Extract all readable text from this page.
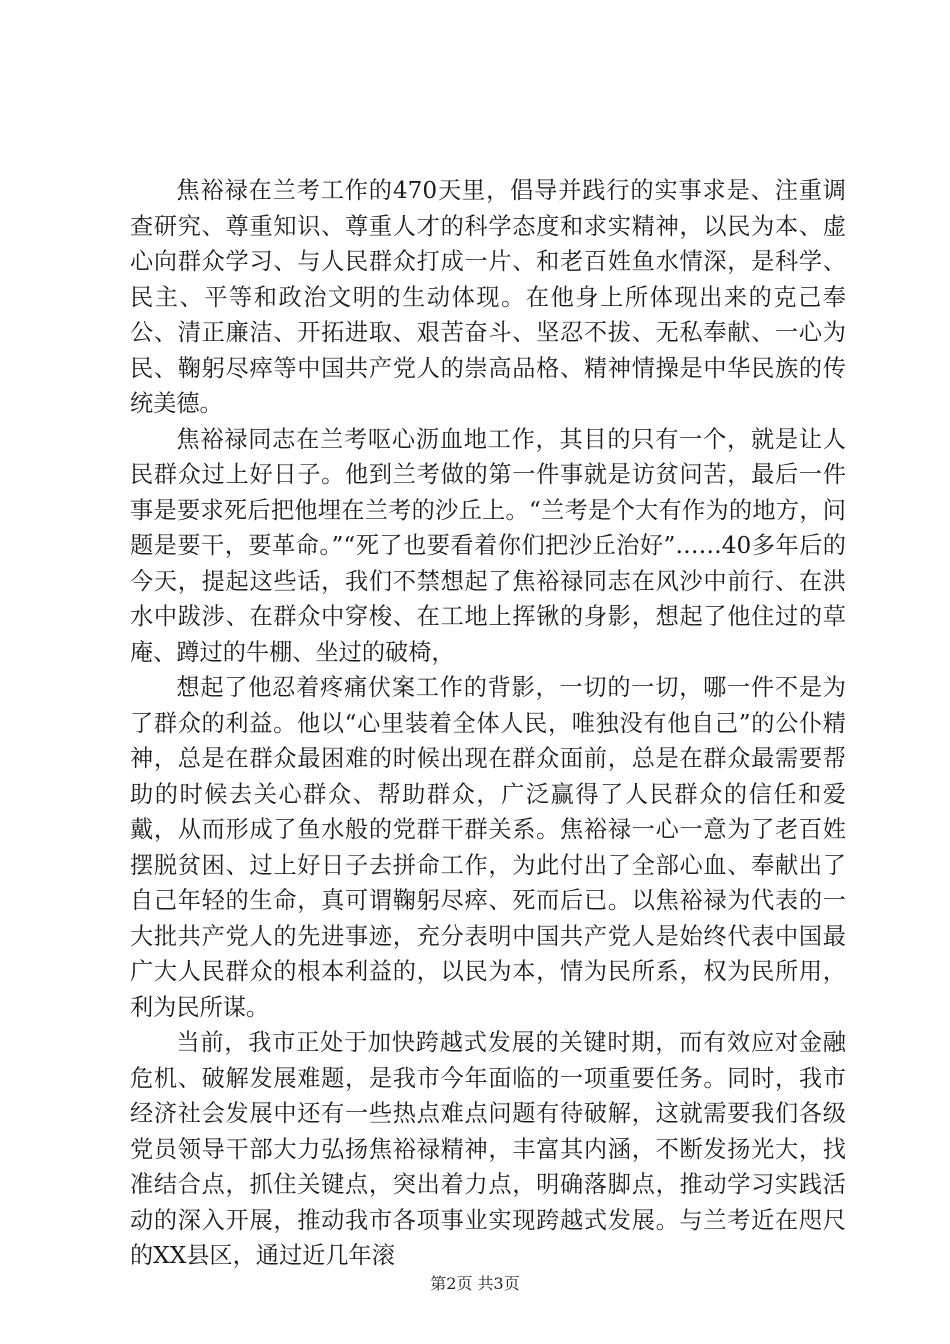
焦裕禄在兰考工作的470天里，倡导并践行的实事求是、注重调查研究、尊重知识、尊重人才的科学态度和求实精神，以民为本、虚心向群众学习、与人民群众打成一片、和老百姓鱼水情深，是科学、民主、平等和政治文明的生动体现。在他身上所体现出来的克己奉公、清正廉洁、开拓进取、艰苦奋斗、坚忍不拔、无私奉献、一心为民、鞠躬尽瘁等中国共产党人的崇高品格、精神情操是中华民族的传统美德。

焦裕禄同志在兰考呕心沥血地工作，其目的只有一个，就是让人民群众过上好日子。他到兰考做的第一件事就是访贫问苦，最后一件事是要求死后把他埋在兰考的沙丘上。“兰考是个大有作为的地方，问题是要干，要革命。”“死了也要看着你们把沙丘治好”……40多年后的今天，提起这些话，我们不禁想起了焦裕禄同志在风沙中前行、在洪水中跋涉、在群众中穿梭、在工地上挥锹的身影，想起了他住过的草庵、蹲过的牛棚、坐过的破椅，

想起了他忍着疼痛伏案工作的背影，一切的一切，哪一件不是为了群众的利益。他以“心里装着全体人民，唯独没有他自己”的公仆精神，总是在群众最困难的时候出现在群众面前，总是在群众最需要帮助的时候去关心群众、帮助群众，广泛赢得了人民群众的信任和爱戴，从而形成了鱼水般的党群干群关系。焦裕禄一心一意为了老百姓摆脱贫困、过上好日子去拼命工作，为此付出了全部心血、奉献出了自己年轻的生命，真可谓鞠躬尽瘁、死而后已。以焦裕禄为代表的一大批共产党人的先进事迹，充分表明中国共产党人是始终代表中国最广大人民群众的根本利益的，以民为本，情为民所系，权为民所用，利为民所谋。

当前，我市正处于加快跨越式发展的关键时期，而有效应对金融危机、破解发展难题，是我市今年面临的一项重要任务。同时，我市经济社会发展中还有一些热点难点问题有待破解，这就需要我们各级党员领导干部大力弘扬焦裕禄精神，丰富其内涵，不断发扬光大，找准结合点，抓住关键点，突出着力点，明确落脚点，推动学习实践活动的深入开展，推动我市各项事业实现跨越式发展。与兰考近在咫尺的XX县区，通过近几年滚

第2页 共3页
